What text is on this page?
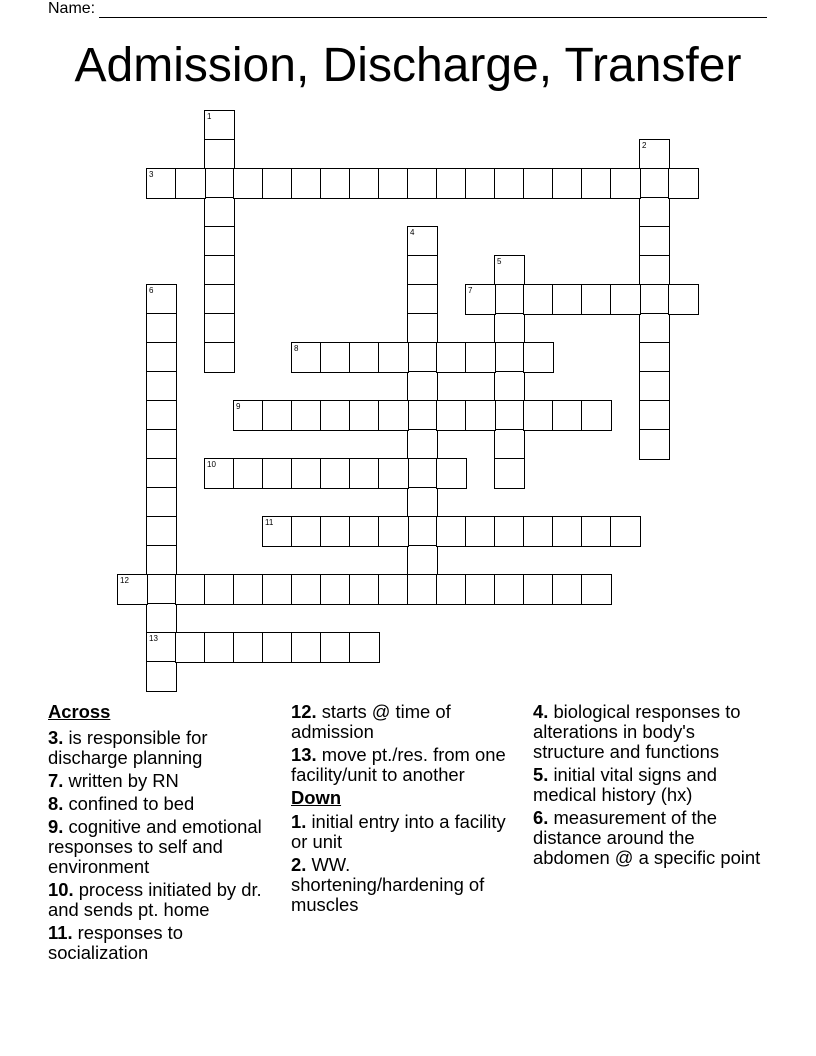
Name:
Admission, Discharge, Transfer
1
2
3
4
5
6
13
7
8
9
10
11
12
Across

3. is responsible for discharge planning

7. written by RN

8. confined to bed

9. cognitive and emotional responses to self and environment

10. process initiated by dr. and sends pt. home

11. responses to socialization

12. starts @ time of admission

13. move pt./res. from one facility/unit to another

Down

1. initial entry into a facility or unit

2. WW. shortening/hardening of muscles

4. biological responses to alterations in body's structure and functions

5. initial vital signs and medical history (hx)

6. measurement of the distance around the abdomen @ a specific point
